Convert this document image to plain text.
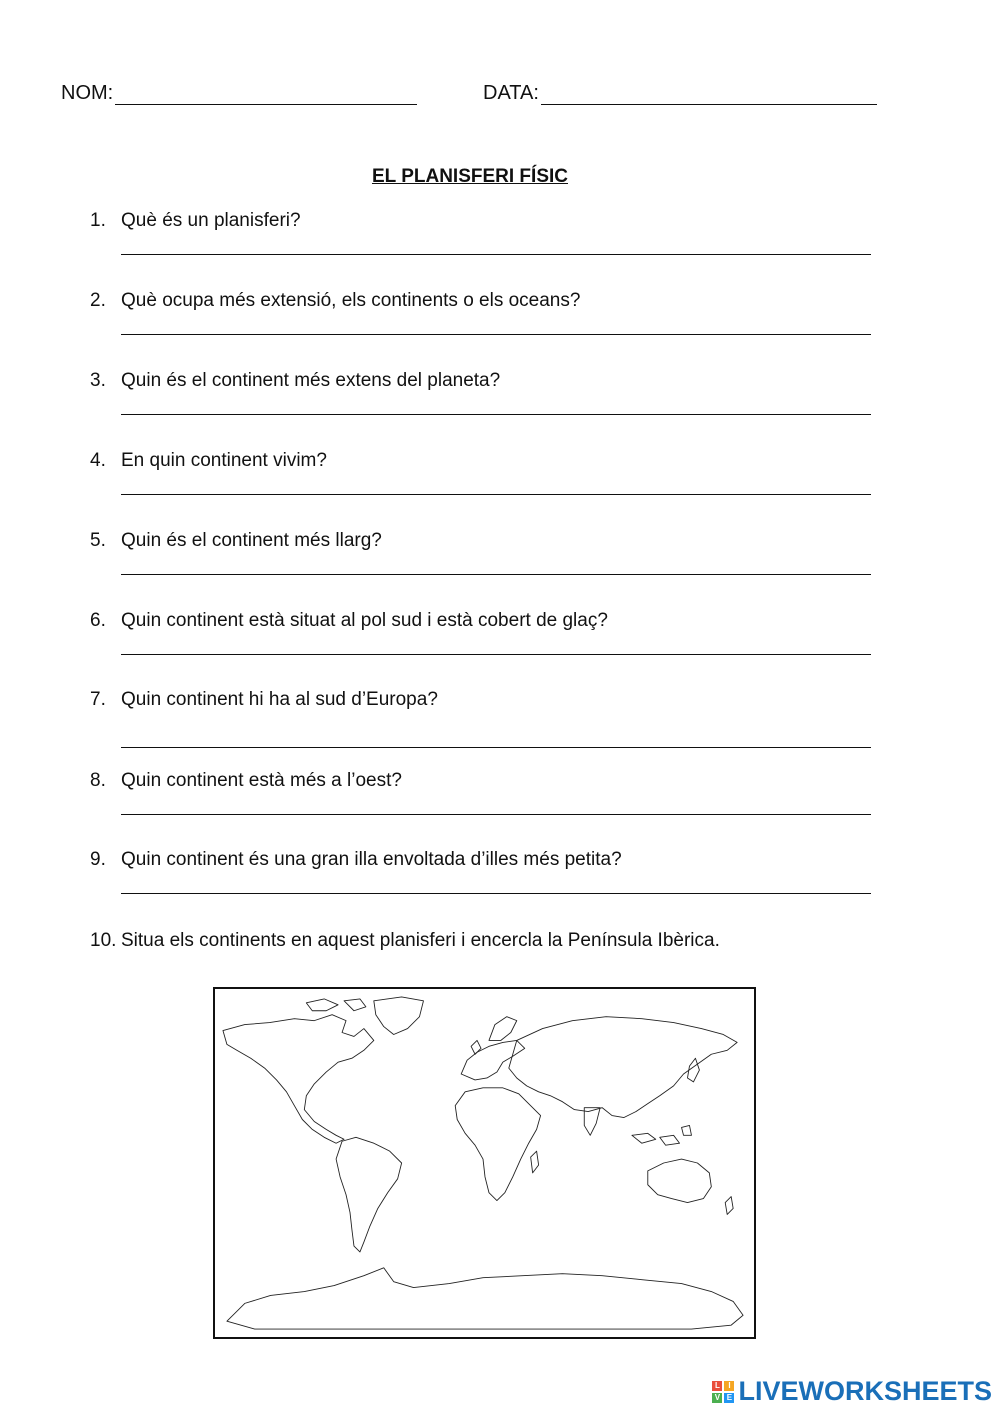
NOM:	DATA:
EL PLANISFERI FÍSIC
1. Què és un planisferi?
2. Què ocupa més extensió, els continents o els oceans?
3. Quin és el continent més extens del planeta?
4. En quin continent vivim?
5. Quin és el continent més llarg?
6. Quin continent està situat al pol sud i està cobert de glaç?
7. Quin continent hi ha al sud d’Europa?
8. Quin continent està més a l’oest?
9. Quin continent és una gran illa envoltada d’illes més petita?
10. Situa els continents en aquest planisferi i encercla la Península Ibèrica.
L	I
V E LIVEWORKSHEETS
